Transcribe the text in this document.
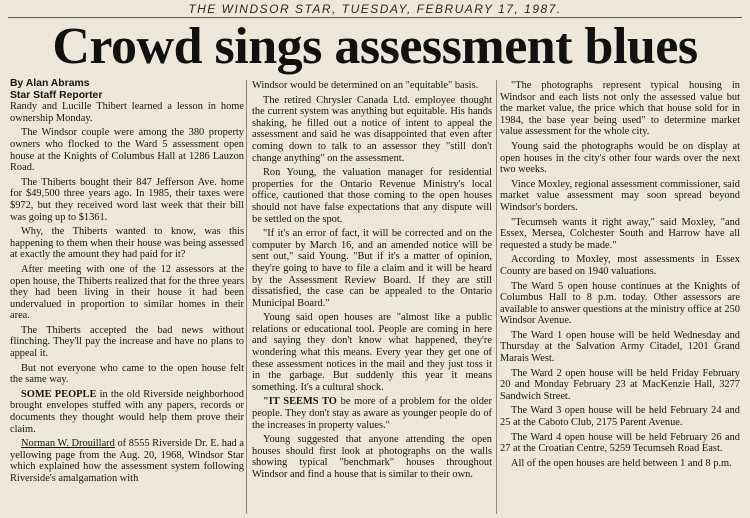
THE WINDSOR STAR, TUESDAY, FEBRUARY 17, 1987.
Crowd sings assessment blues
By Alan Abrams
Star Staff Reporter

Randy and Lucille Thibert learned a lesson in home ownership Monday.

The Windsor couple were among the 380 property owners who flocked to the Ward 5 assessment open house at the Knights of Columbus Hall at 1286 Lauzon Road.

The Thiberts bought their 847 Jefferson Ave. home for $49,500 three years ago. In 1985, their taxes were $972, but they received word last week that their bill was going up to $1361.

Why, the Thiberts wanted to know, was this happening to them when their house was being assessed at exactly the amount they had paid for it?

After meeting with one of the 12 assessors at the open house, the Thiberts realized that for the three years they had been living in their house it had been undervalued in proportion to similar homes in their area.

The Thiberts accepted the bad news without flinching. They'll pay the increase and have no plans to appeal it.

But not everyone who came to the open house felt the same way.

SOME PEOPLE in the old Riverside neighborhood brought envelopes stuffed with any papers, records or documents they thought would help them prove their claim.

Norman W. Drouillard of 8555 Riverside Dr. E. had a yellowing page from the Aug. 20, 1968, Windsor Star which explained how the assessment system following Riverside's amalgamation with

Windsor would be determined on an "equitable" basis.

The retired Chrysler Canada Ltd. employee thought the current system was anything but equitable. His hands shaking, he filled out a notice of intent to appeal the assessment and said he was disappointed that even after coming down to talk to an assessor they "still don't change anything" on the assessment.

Ron Young, the valuation manager for residential properties for the Ontario Revenue Ministry's local office, cautioned that those coming to the open houses should not have false expectations that any dispute will be settled on the spot.

"If it's an error of fact, it will be corrected and on the computer by March 16, and an amended notice will be sent out," said Young. "But if it's a matter of opinion, they're going to have to file a claim and it will be heard by the Assessment Review Board. If they are still dissatisfied, the case can be appealed to the Ontario Municipal Board."

Young said open houses are "almost like a public relations or educational tool. People are coming in here and saying they don't know what happened, they're wondering what this means. Every year they get one of these assessment notices in the mail and they just toss it in the garbage. But suddenly this year it means something. It's a cultural shock.

"IT SEEMS TO be more of a problem for the older people. They don't stay as aware as younger people do of the increases in property values."

Young suggested that anyone attending the open houses should first look at photographs on the walls showing typical "benchmark" houses throughout Windsor and find a house that is similar to their own.

"The photographs represent typical housing in Windsor and each lists not only the assessed value but the market value, the price which that house sold for in 1984, the base year being used" to determine market value assessment for the whole city.

Young said the photographs would be on display at open houses in the city's other four wards over the next two weeks.

Vince Moxley, regional assessment commissioner, said market value assessment may soon spread beyond Windsor's borders.

"Tecumseh wants it right away," said Moxley, "and Essex, Mersea, Colchester South and Harrow have all requested a study be made."

According to Moxley, most assessments in Essex County are based on 1940 valuations.

The Ward 5 open house continues at the Knights of Columbus Hall to 8 p.m. today. Other assessors are available to answer questions at the ministry office at 250 Windsor Avenue.

The Ward 1 open house will be held Wednesday and Thursday at the Salvation Army Citadel, 1201 Grand Marais West.

The Ward 2 open house will be held Friday February 20 and Monday February 23 at MacKenzie Hall, 3277 Sandwich Street.

The Ward 3 open house will be held February 24 and 25 at the Caboto Club, 2175 Parent Avenue.

The Ward 4 open house will be held February 26 and 27 at the Croatian Centre, 5259 Tecumseh Road East.

All of the open houses are held between 1 and 8 p.m.
